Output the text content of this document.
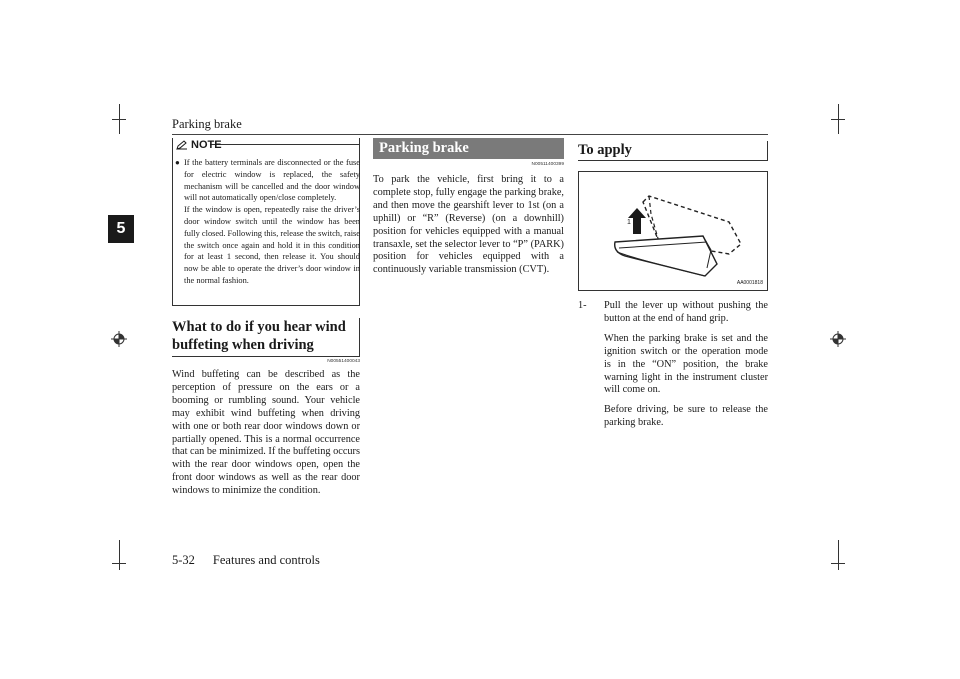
Parking brake
5
NOTE
● If the battery terminals are disconnected or the fuse for electric window is replaced, the safety mechanism will be cancelled and the door window will not automatically open/close completely.
If the window is open, repeatedly raise the driver’s door window switch until the window has been fully closed. Following this, release the switch, raise the switch once again and hold it in this condition for at least 1 second, then release it. You should now be able to operate the driver’s door window in the normal fashion.
What to do if you hear wind buffeting when driving
N00551400043
Wind buffeting can be described as the perception of pressure on the ears or a booming or rumbling sound. Your vehicle may exhibit wind buffeting when driving with one or both rear door windows down or partially opened. This is a normal occurrence that can be minimized. If the buffeting occurs with the rear door windows open, open the front door windows as well as the rear door windows to minimize the condition.
Parking brake
N00511400399
To park the vehicle, first bring it to a complete stop, fully engage the parking brake, and then move the gearshift lever to 1st (on a uphill) or “R” (Reverse) (on a downhill) position for vehicles equipped with a manual transaxle, set the selector lever to “P” (PARK) position for vehicles equipped with a continuously variable transmission (CVT).
To apply
1
AA0001818
1- Pull the lever up without pushing the button at the end of hand grip.

When the parking brake is set and the ignition switch or the operation mode is in the “ON” position, the brake warning light in the instrument cluster will come on.

Before driving, be sure to release the parking brake.

5-32 Features and controls
